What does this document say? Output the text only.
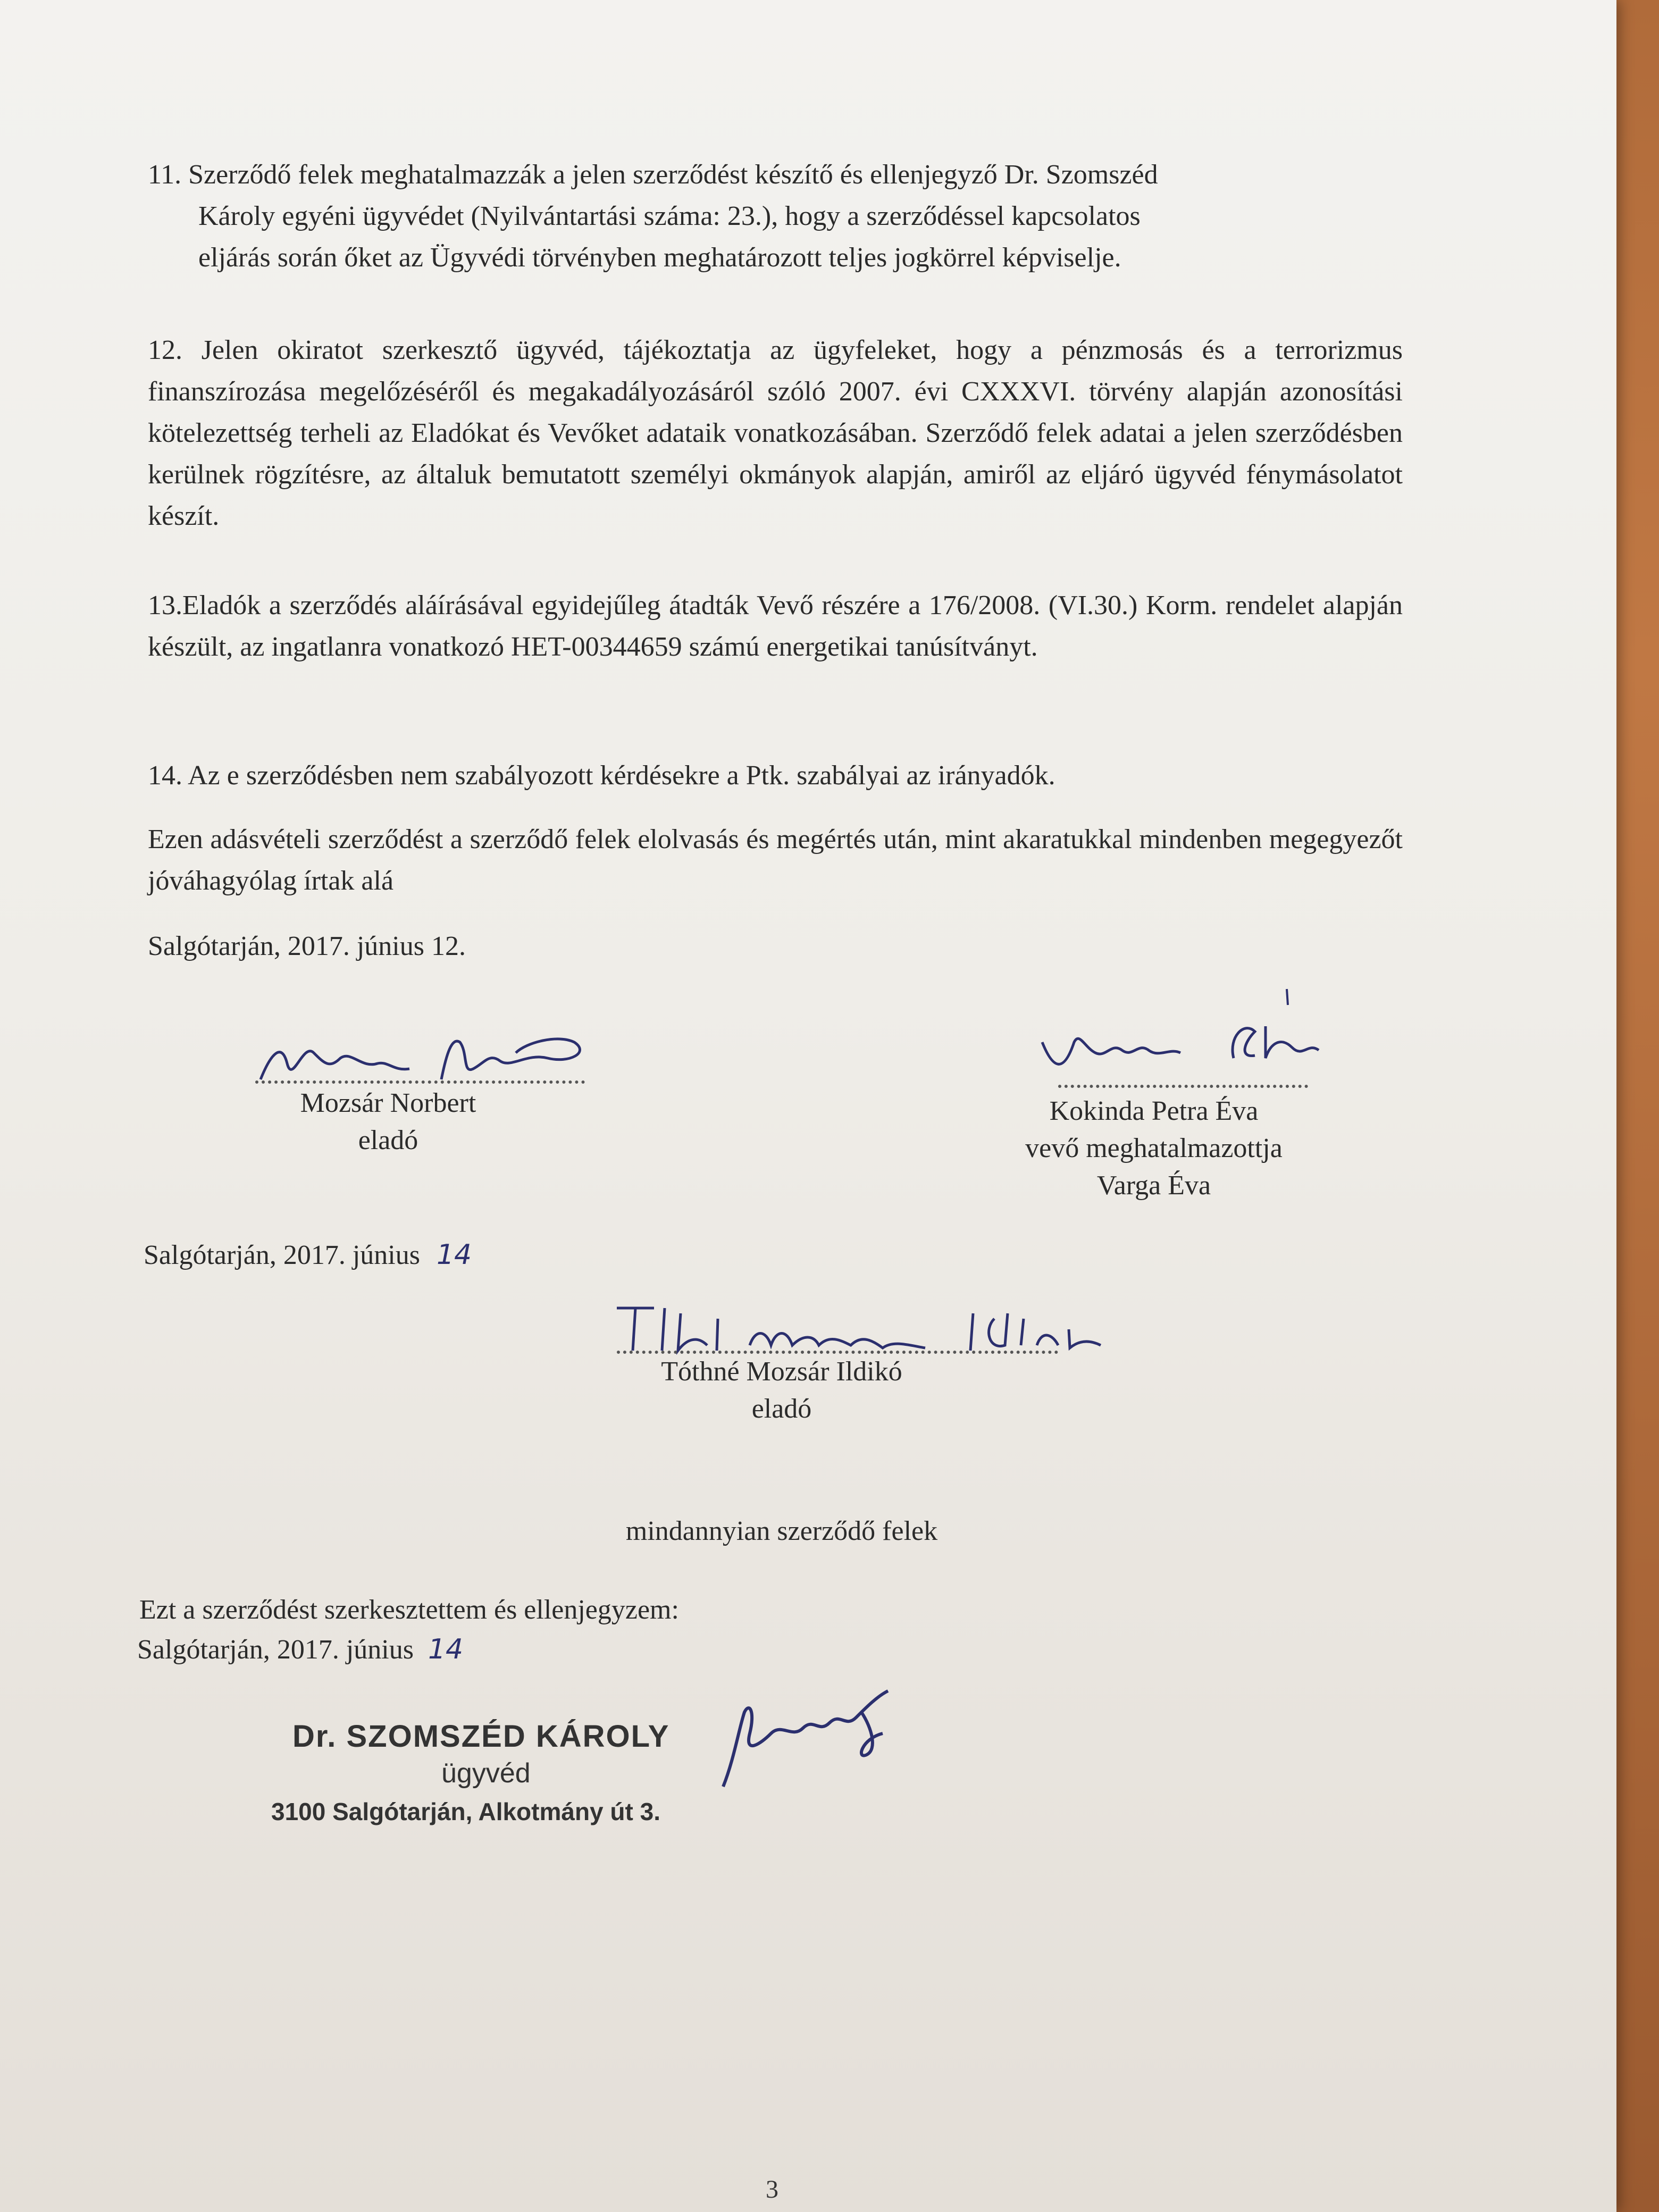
11. Szerződő felek meghatalmazzák a jelen szerződést készítő és ellenjegyző Dr. Szomszéd
Károly egyéni ügyvédet (Nyilvántartási száma: 23.), hogy a szerződéssel kapcsolatos
eljárás során őket az Ügyvédi törvényben meghatározott teljes jogkörrel képviselje.
12. Jelen okiratot szerkesztő ügyvéd, tájékoztatja az ügyfeleket, hogy a pénzmosás és a terrorizmus finanszírozása megelőzéséről és megakadályozásáról szóló 2007. évi CXXXVI. törvény alapján azonosítási kötelezettség terheli az Eladókat és Vevőket adataik vonatkozásában. Szerződő felek adatai a jelen szerződésben kerülnek rögzítésre, az általuk bemutatott személyi okmányok alapján, amiről az eljáró ügyvéd fénymásolatot készít.
13.Eladók a szerződés aláírásával egyidejűleg átadták Vevő részére a 176/2008. (VI.30.) Korm. rendelet alapján készült, az ingatlanra vonatkozó HET-00344659 számú energetikai tanúsítványt.
14. Az e szerződésben nem szabályozott kérdésekre a Ptk. szabályai az irányadók.
Ezen adásvételi szerződést a szerződő felek elolvasás és megértés után, mint akaratukkal mindenben megegyezőt jóváhagyólag írtak alá
Salgótarján, 2017. június 12.
Mozsár Norbert
eladó
Kokinda Petra Éva
vevő meghatalmazottja
Varga Éva
Salgótarján, 2017. június 14
Tóthné Mozsár Ildikó
eladó
mindannyian szerződő felek
Ezt a szerződést szerkesztettem és ellenjegyzem:
Salgótarján, 2017. június 14
Dr. SZOMSZÉD KÁROLY
ügyvéd
3100 Salgótarján, Alkotmány út 3.
3
